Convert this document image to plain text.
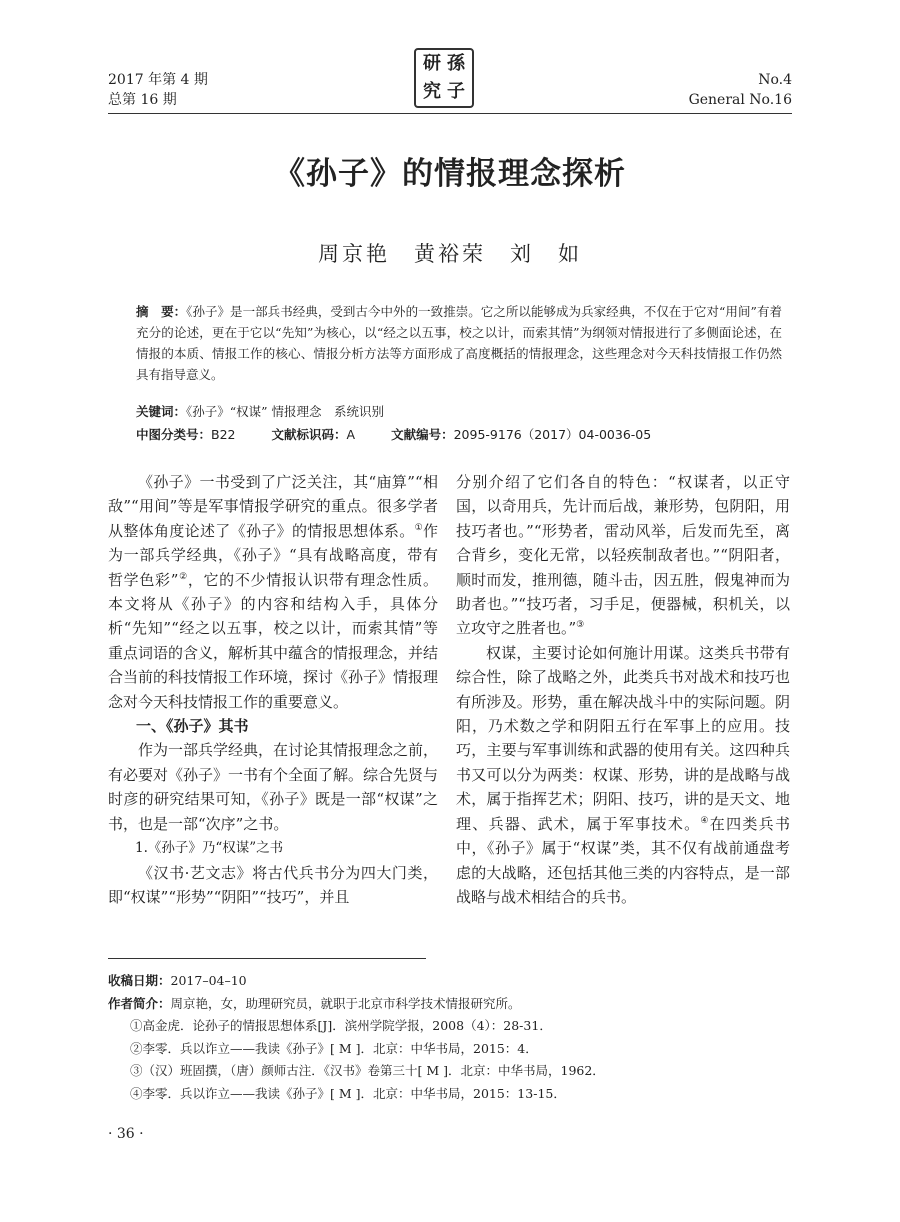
2017 年第 4 期
总第 16 期
研 孫
究 子
No.4
General No.16
《孙子》的情报理念探析
周京艳　黄裕荣　刘　如
摘　要：《孙子》是一部兵书经典，受到古今中外的一致推崇。它之所以能够成为兵家经典，不仅在于它对“用间”有着充分的论述，更在于它以“先知”为核心，以“经之以五事，校之以计，而索其情”为纲领对情报进行了多侧面论述，在情报的本质、情报工作的核心、情报分析方法等方面形成了高度概括的情报理念，这些理念对今天科技情报工作仍然具有指导意义。
关键词：《孙子》“权谋” 情报理念　系统识别
中图分类号：B22	文献标识码：A	文献编号：2095-9176（2017）04-0036-05

《孙子》一书受到了广泛关注，其“庙算”“相敌”“用间”等是军事情报学研究的重点。很多学者从整体角度论述了《孙子》的情报思想体系。①作为一部兵学经典，《孙子》“具有战略高度，带有哲学色彩”②，它的不少情报认识带有理念性质。本文将从《孙子》的内容和结构入手，具体分析“先知”“经之以五事，校之以计，而索其情”等重点词语的含义，解析其中蕴含的情报理念，并结合当前的科技情报工作环境，探讨《孙子》情报理念对今天科技情报工作的重要意义。

一、《孙子》其书

作为一部兵学经典，在讨论其情报理念之前，有必要对《孙子》一书有个全面了解。综合先贤与时彦的研究结果可知，《孙子》既是一部“权谋”之书，也是一部“次序”之书。

1.《孙子》乃“权谋”之书

《汉书·艺文志》将古代兵书分为四大门类，即“权谋”“形势”“阴阳”“技巧”，并且

分别介绍了它们各自的特色：“权谋者，以正守国，以奇用兵，先计而后战，兼形势，包阴阳，用技巧者也。”“形势者，雷动风举，后发而先至，离合背乡，变化无常，以轻疾制敌者也。”“阴阳者，顺时而发，推刑德，随斗击，因五胜，假鬼神而为助者也。”“技巧者，习手足，便器械，积机关，以立攻守之胜者也。”③

权谋，主要讨论如何施计用谋。这类兵书带有综合性，除了战略之外，此类兵书对战术和技巧也有所涉及。形势，重在解决战斗中的实际问题。阴阳，乃术数之学和阴阳五行在军事上的应用。技巧，主要与军事训练和武器的使用有关。这四种兵书又可以分为两类：权谋、形势，讲的是战略与战术，属于指挥艺术；阴阳、技巧，讲的是天文、地理、兵器、武术，属于军事技术。④在四类兵书中，《孙子》属于“权谋”类，其不仅有战前通盘考虑的大战略，还包括其他三类的内容特点，是一部战略与战术相结合的兵书。

收稿日期：2017–04–10
作者简介：周京艳，女，助理研究员，就职于北京市科学技术情报研究所。
①高金虎．论孙子的情报思想体系[J]．滨州学院学报，2008（4）：28-31．
②李零．兵以诈立——我读《孙子》[ M ]．北京：中华书局，2015：4．
③（汉）班固撰，（唐）颜师古注．《汉书》卷第三十[ M ]．北京：中华书局，1962．
④李零．兵以诈立——我读《孙子》[ M ]．北京：中华书局，2015：13-15．
· 36 ·
